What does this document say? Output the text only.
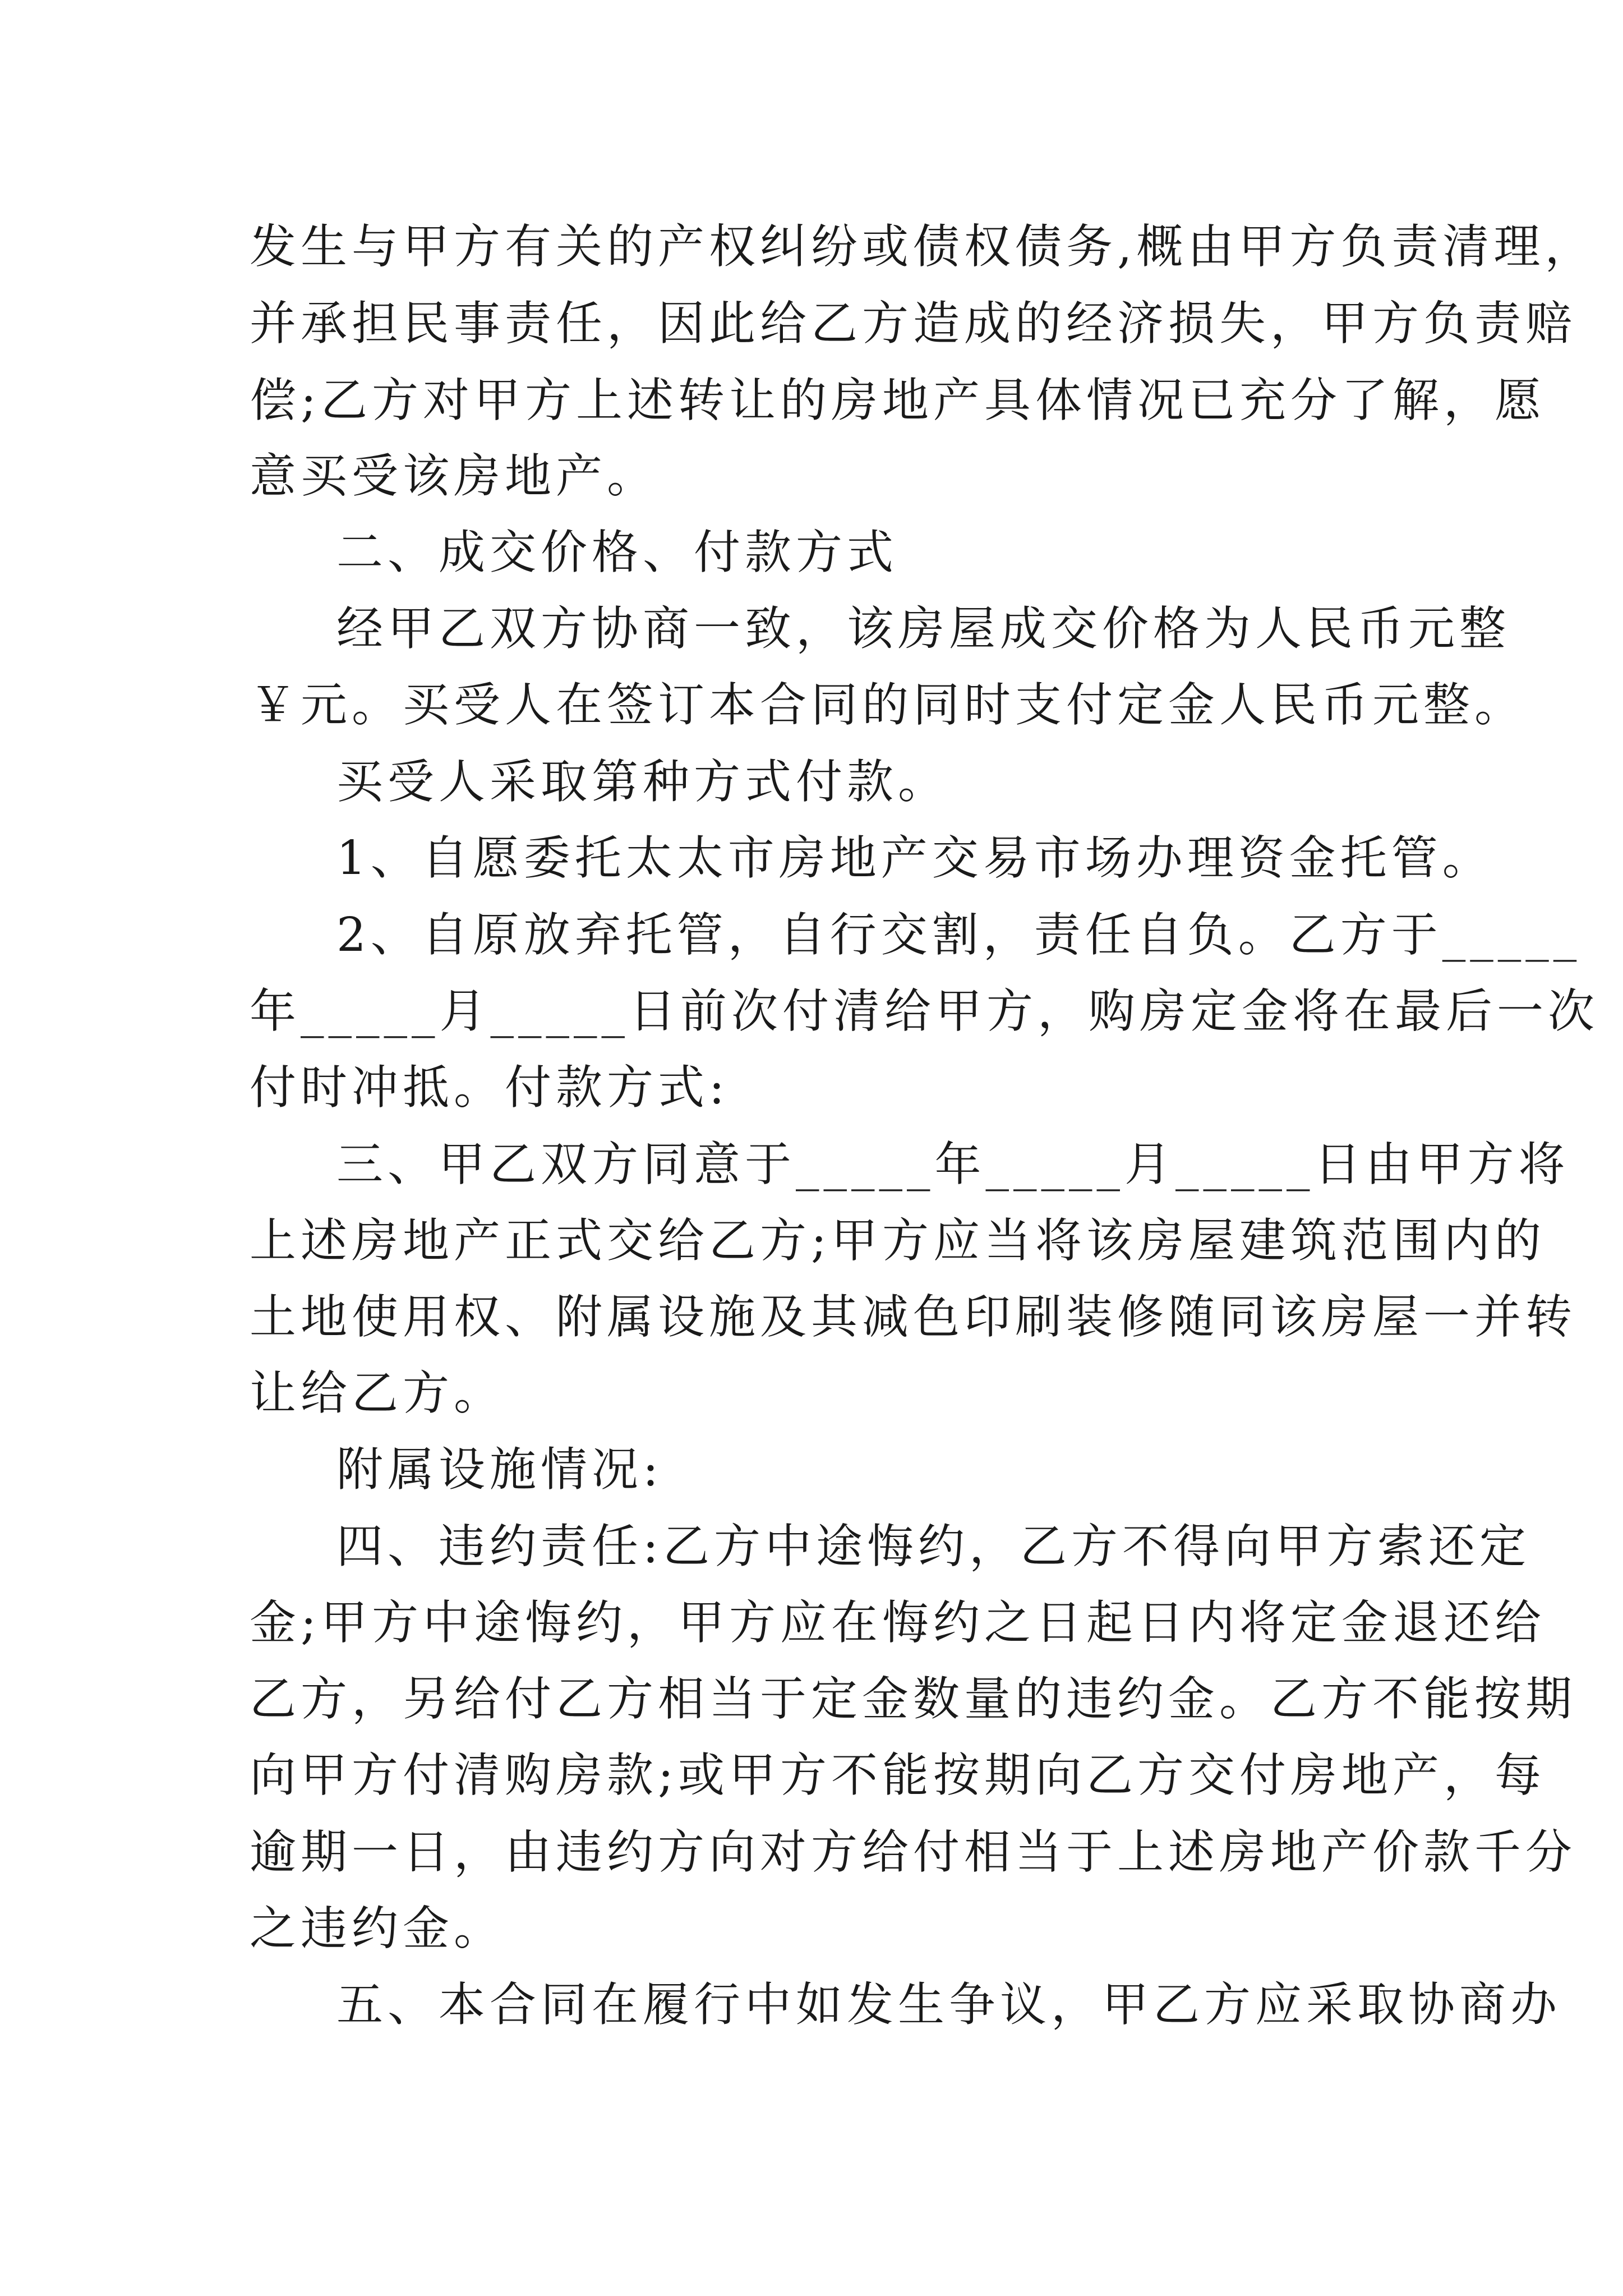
发生与甲方有关的产权纠纷或债权债务,概由甲方负责清理，
并承担民事责任，因此给乙方造成的经济损失，甲方负责赔
偿;乙方对甲方上述转让的房地产具体情况已充分了解，愿
意买受该房地产。
二、成交价格、付款方式
经甲乙双方协商一致，该房屋成交价格为人民币元整
￥元。买受人在签订本合同的同时支付定金人民币元整。
买受人采取第种方式付款。
1、自愿委托太太市房地产交易市场办理资金托管。
2、自原放弃托管，自行交割，责任自负。乙方于_____
年_____月_____日前次付清给甲方，购房定金将在最后一次
付时冲抵。付款方式:
三、甲乙双方同意于_____年_____月_____日由甲方将
上述房地产正式交给乙方;甲方应当将该房屋建筑范围内的
土地使用权、附属设施及其减色印刷装修随同该房屋一并转
让给乙方。
附属设施情况:
四、违约责任:乙方中途悔约，乙方不得向甲方索还定
金;甲方中途悔约，甲方应在悔约之日起日内将定金退还给
乙方，另给付乙方相当于定金数量的违约金。乙方不能按期
向甲方付清购房款;或甲方不能按期向乙方交付房地产，每
逾期一日，由违约方向对方给付相当于上述房地产价款千分
之违约金。
五、本合同在履行中如发生争议，甲乙方应采取协商办
